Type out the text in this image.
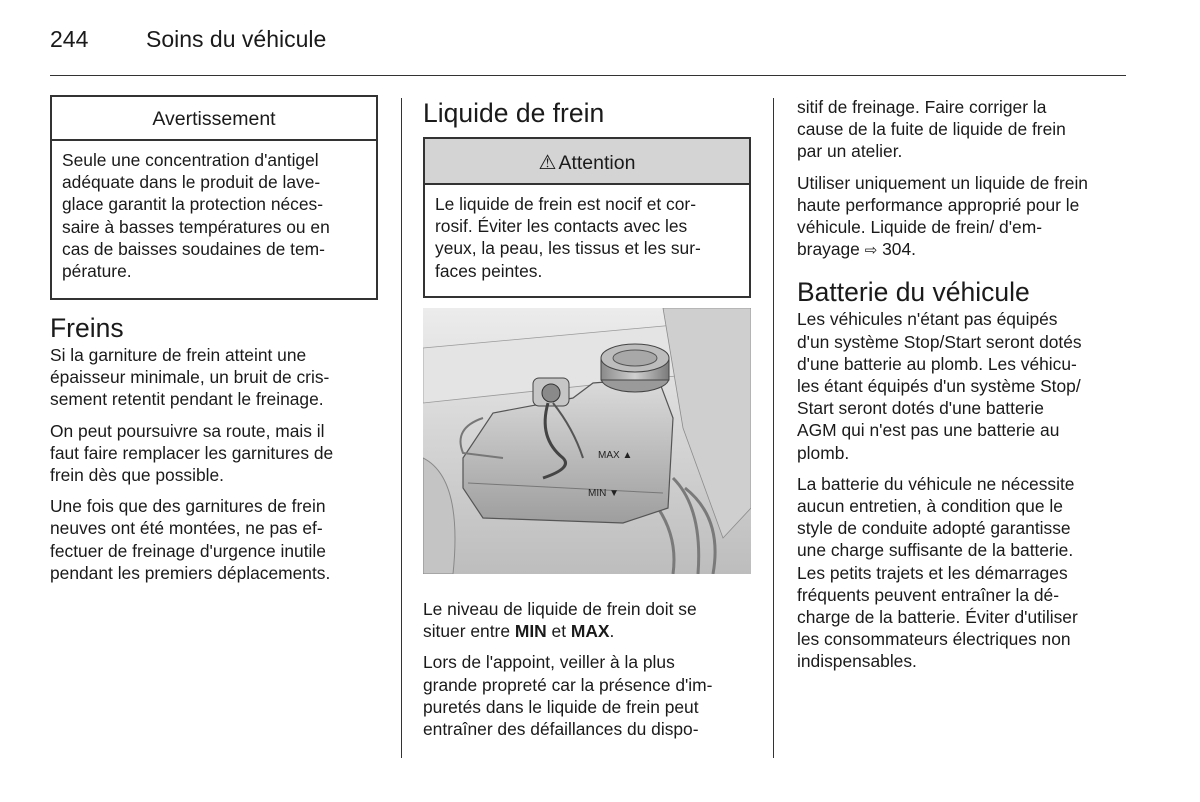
244	Soins du véhicule
Avertissement

Seule une concentration d'antigel
adéquate dans le produit de lave-
glace garantit la protection néces-
saire à basses températures ou en
cas de baisses soudaines de tem-
pérature.

Freins

Si la garniture de frein atteint une
épaisseur minimale, un bruit de cris-
sement retentit pendant le freinage.

On peut poursuivre sa route, mais il
faut faire remplacer les garnitures de
frein dès que possible.

Une fois que des garnitures de frein
neuves ont été montées, ne pas ef-
fectuer de freinage d'urgence inutile
pendant les premiers déplacements.

Liquide de frein
⚠ Attention

Le liquide de frein est nocif et cor-
rosif. Éviter les contacts avec les
yeux, la peau, les tissus et les sur-
faces peintes.

MAX ▲
MIN ▼

Le niveau de liquide de frein doit se
situer entre MIN et MAX.

Lors de l'appoint, veiller à la plus
grande propreté car la présence d'im-
puretés dans le liquide de frein peut
entraîner des défaillances du dispo-

sitif de freinage. Faire corriger la
cause de la fuite de liquide de frein
par un atelier.

Utiliser uniquement un liquide de frein
haute performance approprié pour le
véhicule. Liquide de frein/ d'em-
brayage ⇨ 304.

Batterie du véhicule

Les véhicules n'étant pas équipés
d'un système Stop/Start seront dotés
d'une batterie au plomb. Les véhicu-
les étant équipés d'un système Stop/
Start seront dotés d'une batterie
AGM qui n'est pas une batterie au
plomb.

La batterie du véhicule ne nécessite
aucun entretien, à condition que le
style de conduite adopté garantisse
une charge suffisante de la batterie.
Les petits trajets et les démarrages
fréquents peuvent entraîner la dé-
charge de la batterie. Éviter d'utiliser
les consommateurs électriques non
indispensables.
